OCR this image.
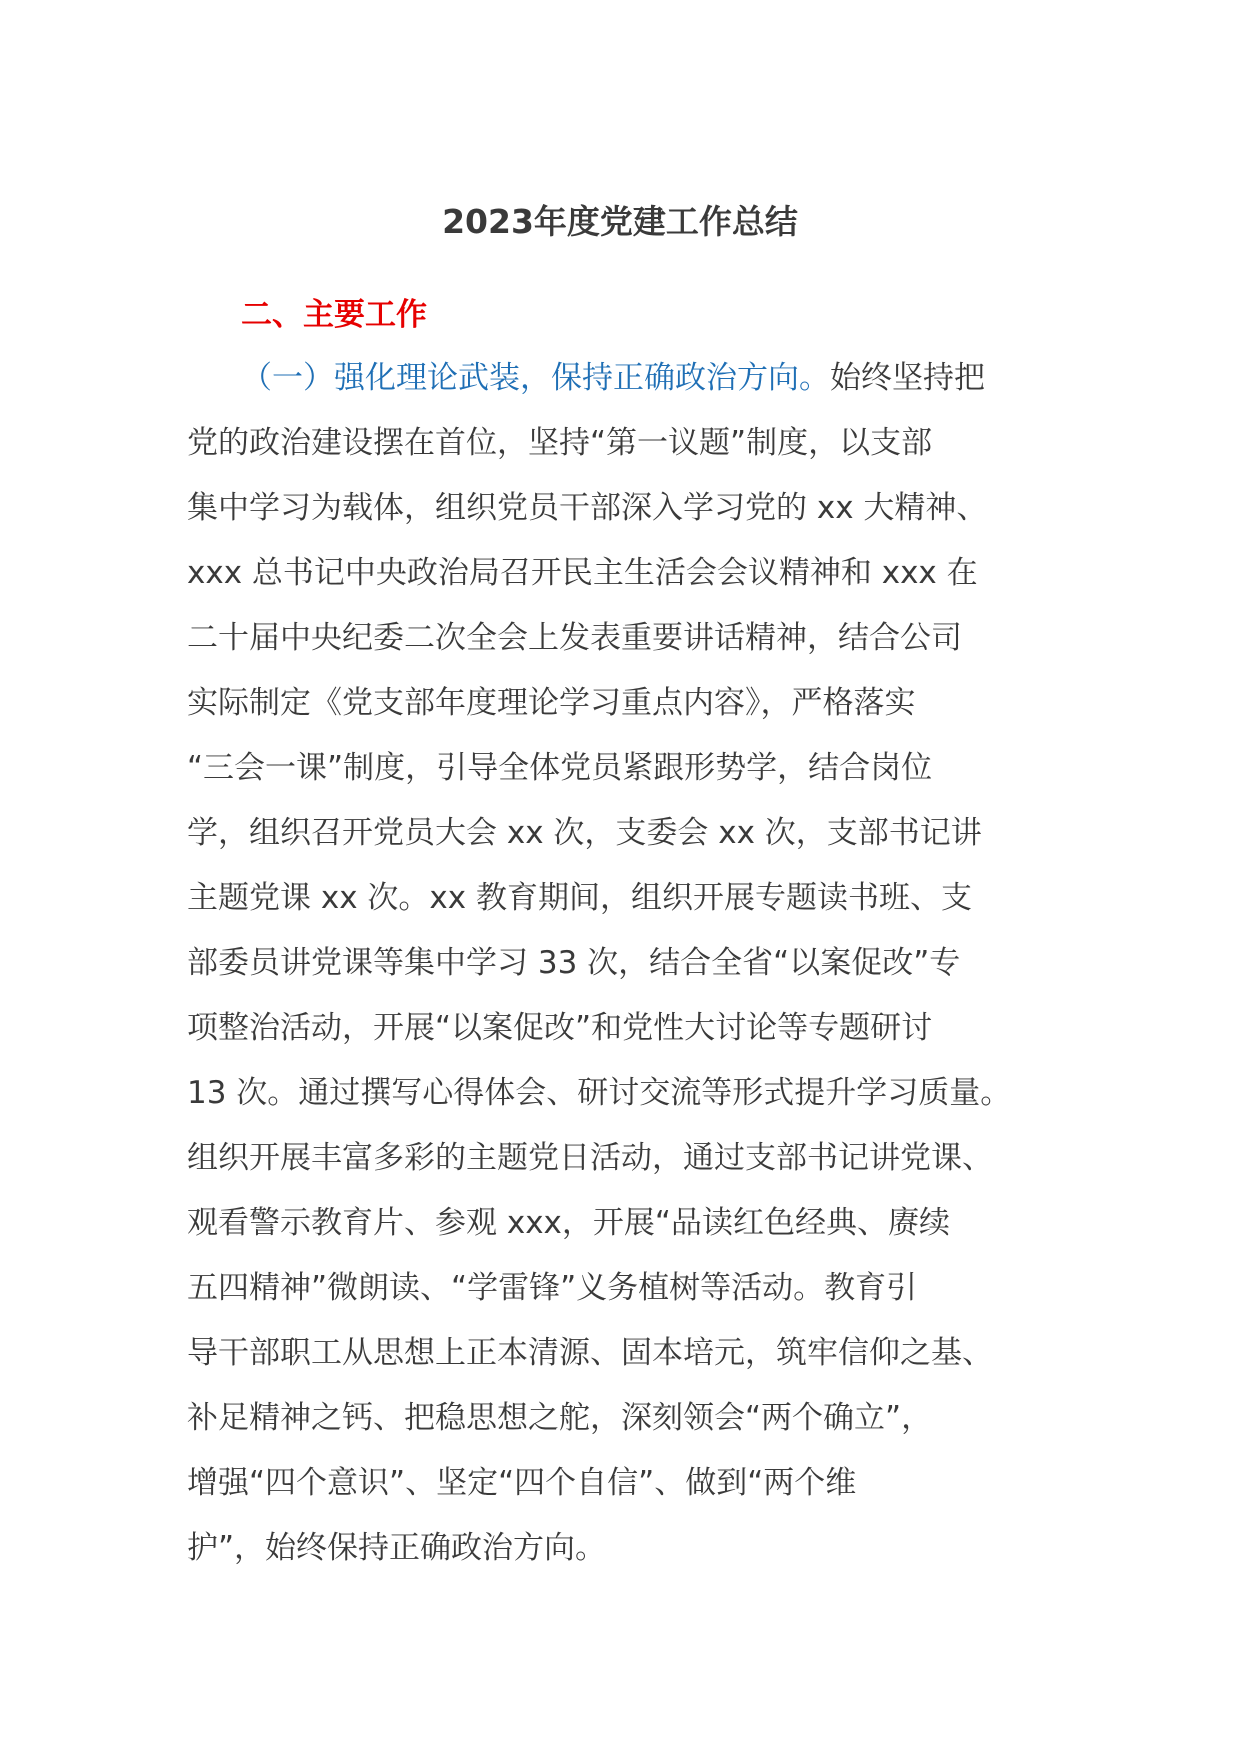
2023年度党建工作总结
二、主要工作
（一）强化理论武装，保持正确政治方向。始终坚持把
党的政治建设摆在首位，坚持“第一议题”制度，以支部
集中学习为载体，组织党员干部深入学习党的 xx 大精神、
xxx 总书记中央政治局召开民主生活会会议精神和 xxx 在
二十届中央纪委二次全会上发表重要讲话精神，结合公司
实际制定《党支部年度理论学习重点内容》，严格落实
“三会一课”制度，引导全体党员紧跟形势学，结合岗位
学，组织召开党员大会 xx 次，支委会 xx 次，支部书记讲
主题党课 xx 次。xx 教育期间，组织开展专题读书班、支
部委员讲党课等集中学习 33 次，结合全省“以案促改”专
项整治活动，开展“以案促改”和党性大讨论等专题研讨
13 次。通过撰写心得体会、研讨交流等形式提升学习质量。
组织开展丰富多彩的主题党日活动，通过支部书记讲党课、
观看警示教育片、参观 xxx，开展“品读红色经典、赓续
五四精神”微朗读、“学雷锋”义务植树等活动。教育引
导干部职工从思想上正本清源、固本培元，筑牢信仰之基、
补足精神之钙、把稳思想之舵，深刻领会“两个确立”，
增强“四个意识”、坚定“四个自信”、做到“两个维
护”，始终保持正确政治方向。
